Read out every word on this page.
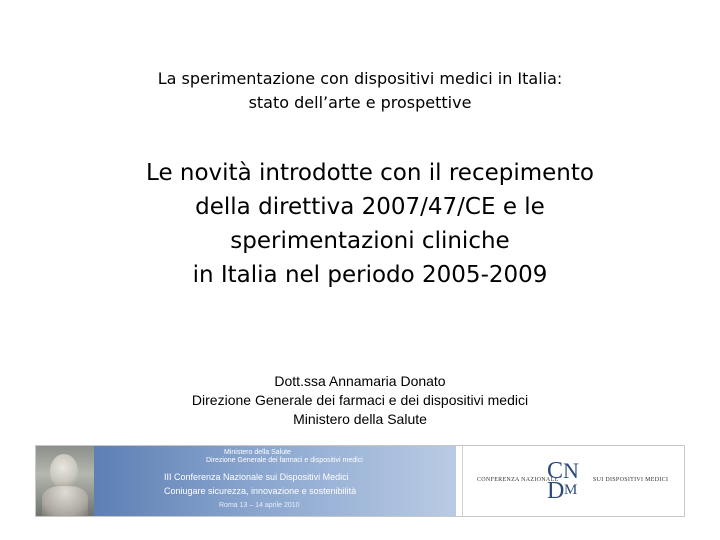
La sperimentazione con dispositivi medici in Italia:
stato dell’arte e prospettive
Le novità introdotte con il recepimento
della direttiva 2007/47/CE e le
sperimentazioni cliniche
in Italia nel periodo 2005-2009
Dott.ssa Annamaria Donato
Direzione Generale dei farmaci e dei dispositivi medici
Ministero della Salute
Ministero della Salute
Direzione Generale dei farmaci e dispositivi medici
III Conferenza Nazionale sui Dispositivi Medici
Coniugare sicurezza, innovazione e sostenibilità
Roma 13 – 14 aprile 2010
CONFERENZA NAZIONALE
C N
D M
SUI DISPOSITIVI MEDICI
